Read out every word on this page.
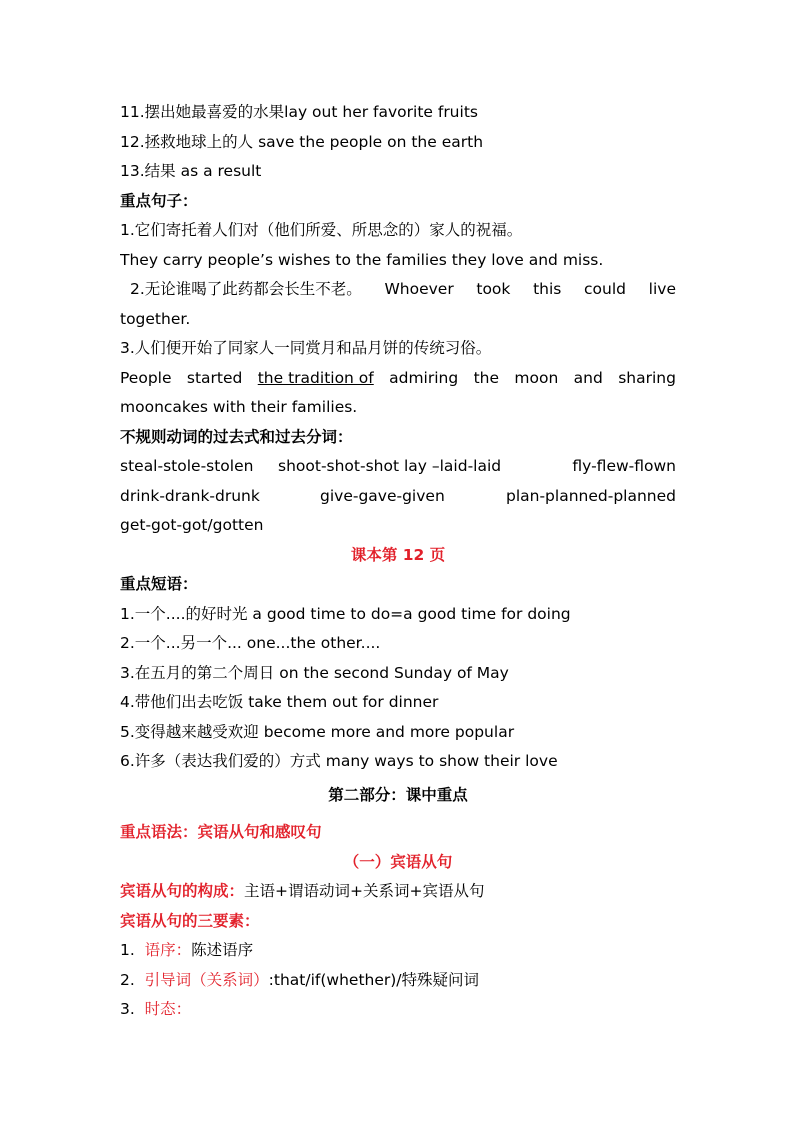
11.摆出她最喜爱的水果lay out her favorite fruits
12.拯救地球上的人 save the people on the earth
13.结果 as a result
重点句子：
1.它们寄托着人们对（他们所爱、所思念的）家人的祝福。
They carry people’s wishes to the families they love and miss.
2.无论谁喝了此药都会长生不老。 Whoever took this could live
together.
3.人们便开始了同家人一同赏月和品月饼的传统习俗。
People started the tradition of admiring the moon and sharing
mooncakes with their families.
不规则动词的过去式和过去分词：
steal-stole-stolen	shoot-shot-shot lay –laid-laid	fly-flew-flown
drink-drank-drunk	give-gave-given	plan-planned-planned
get-got-got/gotten
课本第 12 页
重点短语：
1.一个....的好时光 a good time to do=a good time for doing
2.一个...另一个... one...the other....
3.在五月的第二个周日 on the second Sunday of May
4.带他们出去吃饭 take them out for dinner
5.变得越来越受欢迎 become more and more popular
6.许多（表达我们爱的）方式 many ways to show their love
第二部分：课中重点
重点语法：宾语从句和感叹句
（一）宾语从句
宾语从句的构成：主语+谓语动词+关系词+宾语从句
宾语从句的三要素：
1. 语序：陈述语序
2. 引导词（关系词）:that/if(whether)/特殊疑问词
3. 时态：
